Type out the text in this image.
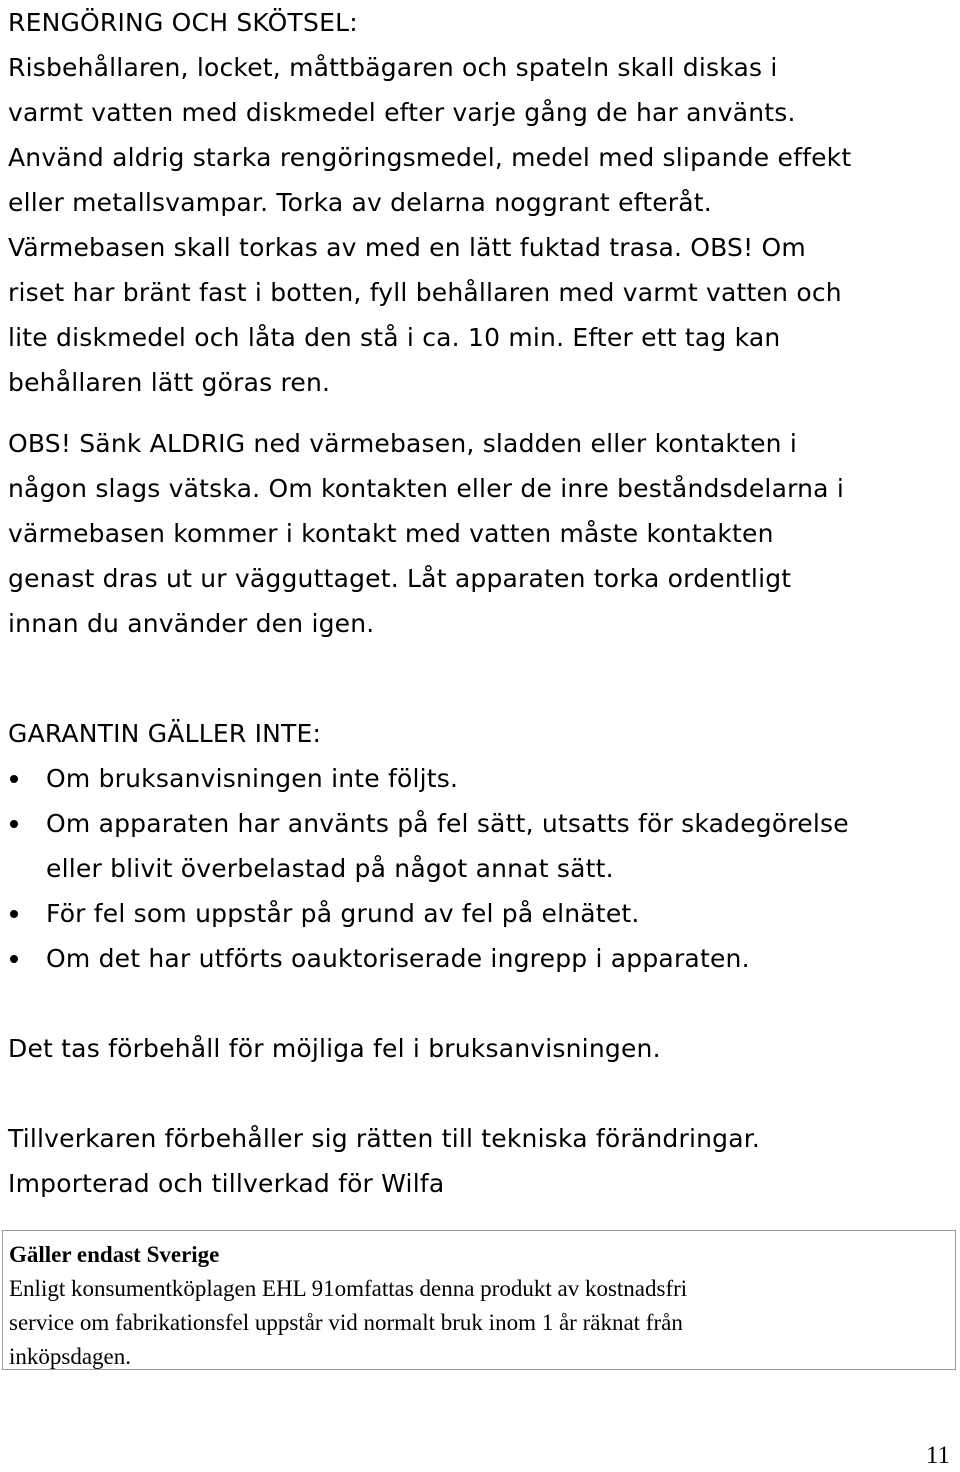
RENGÖRING OCH SKÖTSEL:
Risbehållaren, locket, måttbägaren och spateln skall diskas i
varmt vatten med diskmedel efter varje gång de har använts.
Använd aldrig starka rengöringsmedel, medel med slipande effekt
eller metallsvampar. Torka av delarna noggrant efteråt.
Värmebasen skall torkas av med en lätt fuktad trasa. OBS! Om
riset har bränt fast i botten, fyll behållaren med varmt vatten och
lite diskmedel och låta den stå i ca. 10 min. Efter ett tag kan
behållaren lätt göras ren.
OBS! Sänk ALDRIG ned värmebasen, sladden eller kontakten i
någon slags vätska. Om kontakten eller de inre beståndsdelarna i
värmebasen kommer i kontakt med vatten måste kontakten
genast dras ut ur vägguttaget. Låt apparaten torka ordentligt
innan du använder den igen.
GARANTIN GÄLLER INTE:
Om bruksanvisningen inte följts.
Om apparaten har använts på fel sätt, utsatts för skadegörelse
eller blivit överbelastad på något annat sätt.
För fel som uppstår på grund av fel på elnätet.
Om det har utförts oauktoriserade ingrepp i apparaten.
Det tas förbehåll för möjliga fel i bruksanvisningen.
Tillverkaren förbehåller sig rätten till tekniska förändringar.
Importerad och tillverkad för Wilfa
Gäller endast Sverige
Enligt konsumentköplagen EHL 91omfattas denna produkt av kostnadsfri
service om fabrikationsfel uppstår vid normalt bruk inom 1 år räknat från
inköpsdagen.
11
